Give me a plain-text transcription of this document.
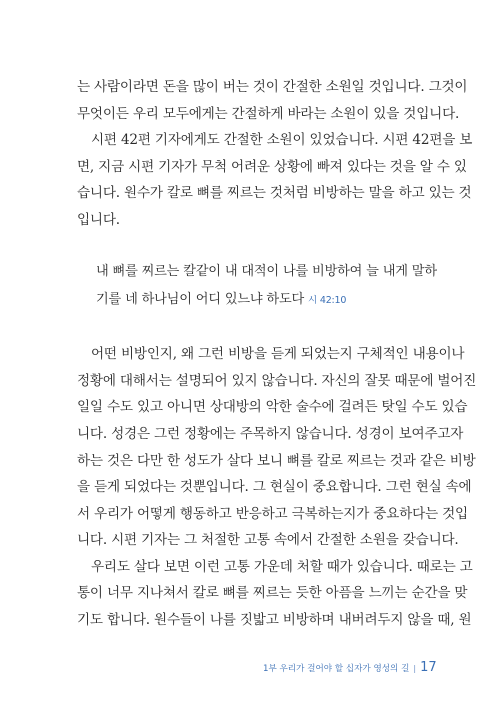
는 사람이라면 돈을 많이 버는 것이 간절한 소원일 것입니다. 그것이
무엇이든 우리 모두에게는 간절하게 바라는 소원이 있을 것입니다.
시편 42편 기자에게도 간절한 소원이 있었습니다. 시편 42편을 보
면, 지금 시편 기자가 무척 어려운 상황에 빠져 있다는 것을 알 수 있
습니다. 원수가 칼로 뼈를 찌르는 것처럼 비방하는 말을 하고 있는 것
입니다.
내 뼈를 찌르는 칼같이 내 대적이 나를 비방하여 늘 내게 말하
기를 네 하나님이 어디 있느냐 하도다 시 42:10
어떤 비방인지, 왜 그런 비방을 듣게 되었는지 구체적인 내용이나
정황에 대해서는 설명되어 있지 않습니다. 자신의 잘못 때문에 벌어진
일일 수도 있고 아니면 상대방의 악한 술수에 걸려든 탓일 수도 있습
니다. 성경은 그런 정황에는 주목하지 않습니다. 성경이 보여주고자
하는 것은 다만 한 성도가 살다 보니 뼈를 칼로 찌르는 것과 같은 비방
을 듣게 되었다는 것뿐입니다. 그 현실이 중요합니다. 그런 현실 속에
서 우리가 어떻게 행동하고 반응하고 극복하는지가 중요하다는 것입
니다. 시편 기자는 그 처절한 고통 속에서 간절한 소원을 갖습니다.
우리도 살다 보면 이런 고통 가운데 처할 때가 있습니다. 때로는 고
통이 너무 지나쳐서 칼로 뼈를 찌르는 듯한 아픔을 느끼는 순간을 맞
기도 합니다. 원수들이 나를 짓밟고 비방하며 내버려두지 않을 때, 원
1부 우리가 걸어야 할 십자가 영성의 길 | 17
